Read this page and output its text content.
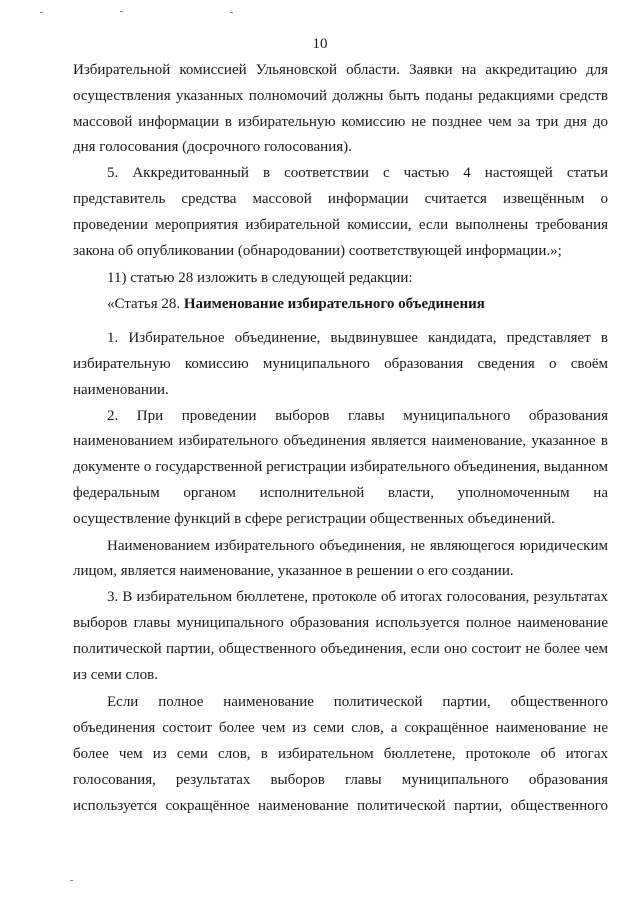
10

Избирательной комиссией Ульяновской области. Заявки на аккредитацию для осуществления указанных полномочий должны быть поданы редакциями средств массовой информации в избирательную комиссию не позднее чем за три дня до дня голосования (досрочного голосования).

5. Аккредитованный в соответствии с частью 4 настоящей статьи представитель средства массовой информации считается извещённым о проведении мероприятия избирательной комиссии, если выполнены требования закона об опубликовании (обнародовании) соответствующей информации.»;

11) статью 28 изложить в следующей редакции:

«Статья 28. Наименование избирательного объединения

1. Избирательное объединение, выдвинувшее кандидата, представляет в избирательную комиссию муниципального образования сведения о своём наименовании.

2. При проведении выборов главы муниципального образования наименованием избирательного объединения является наименование, указанное в документе о государственной регистрации избирательного объединения, выданном федеральным органом исполнительной власти, уполномоченным на осуществление функций в сфере регистрации общественных объединений.

Наименованием избирательного объединения, не являющегося юридическим лицом, является наименование, указанное в решении о его создании.

3. В избирательном бюллетене, протоколе об итогах голосования, результатах выборов главы муниципального образования используется полное наименование политической партии, общественного объединения, если оно состоит не более чем из семи слов.

Если полное наименование политической партии, общественного объединения состоит более чем из семи слов, а сокращённое наименование не более чем из семи слов, в избирательном бюллетене, протоколе об итогах голосования, результатах выборов главы муниципального образования используется сокращённое наименование политической партии, общественного
